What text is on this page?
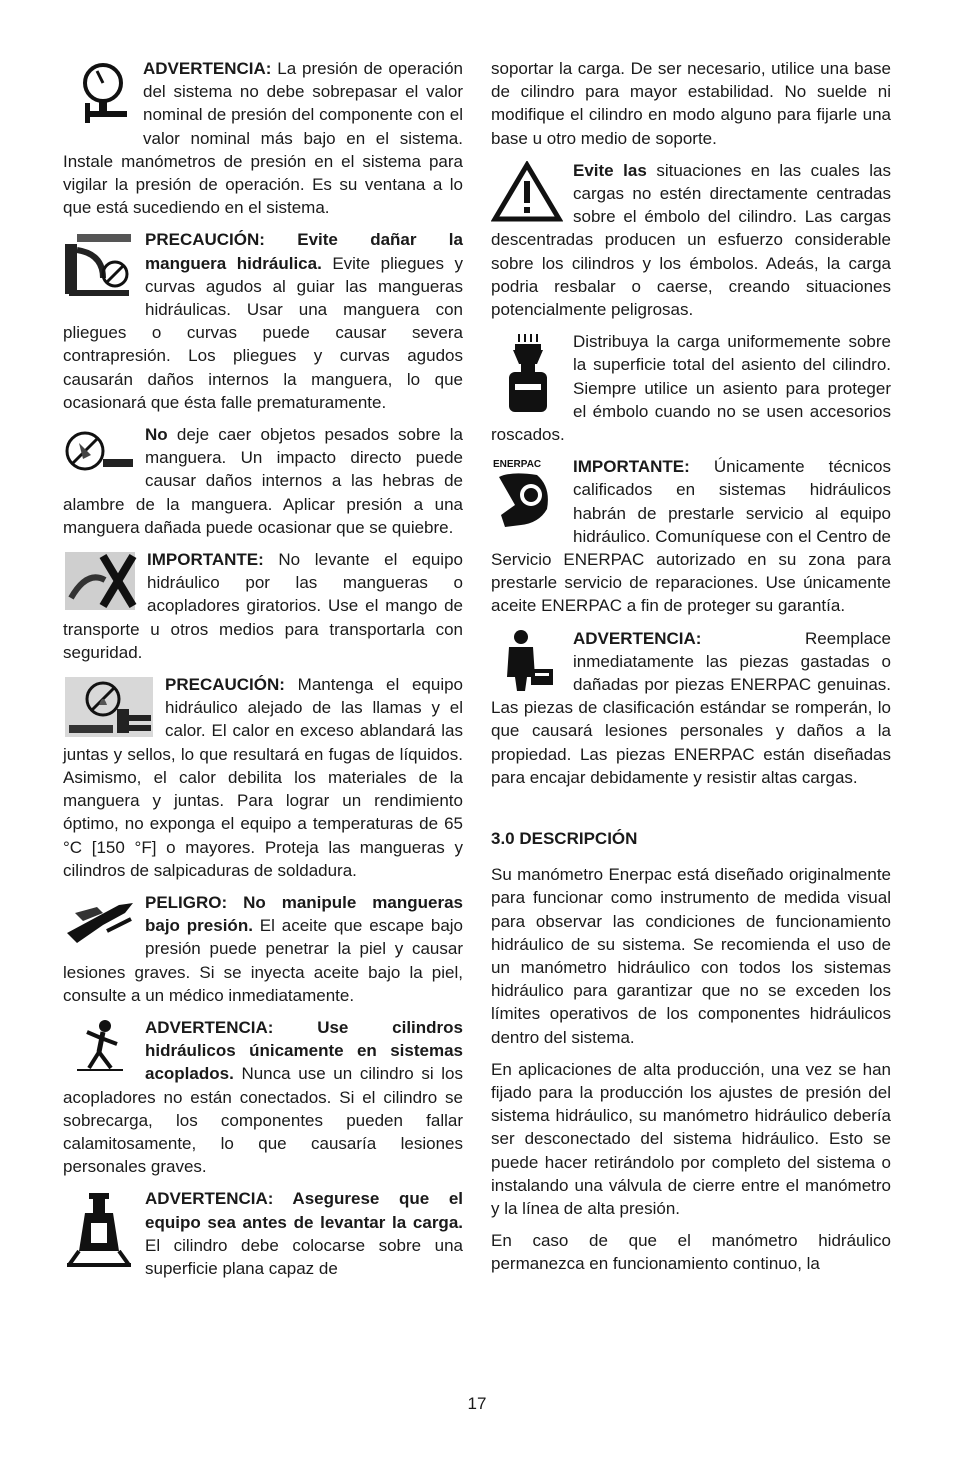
ADVERTENCIA: La presión de operación del sistema no debe sobrepasar el valor nominal de presión del componente con el valor nominal más bajo en el sistema. Instale manómetros de presión en el sistema para vigilar la presión de operación. Es su ventana a lo que está sucediendo en el sistema.

PRECAUCIÓN: Evite dañar la manguera hidráulica. Evite pliegues y curvas agudos al guiar las mangueras hidráulicas. Usar una manguera con pliegues o curvas puede causar severa contrapresión. Los pliegues y curvas agudos causarán daños internos la manguera, lo que ocasionará que ésta falle prematuramente.

No deje caer objetos pesados sobre la manguera. Un impacto directo puede causar daños internos a las hebras de alambre de la manguera. Aplicar presión a una manguera dañada puede ocasionar que se quiebre.

IMPORTANTE: No levante el equipo hidráulico por las mangueras o acopladores giratorios. Use el mango de transporte u otros medios para transportarla con seguridad.

PRECAUCIÓN: Mantenga el equipo hidráulico alejado de las llamas y el calor. El calor en exceso ablandará las juntas y sellos, lo que resultará en fugas de líquidos. Asimismo, el calor debilita los materiales de la manguera y juntas. Para lograr un rendimiento óptimo, no exponga el equipo a temperaturas de 65 °C [150 °F] o mayores. Proteja las mangueras y cilindros de salpicaduras de soldadura.

PELIGRO: No manipule mangueras bajo presión. El aceite que escape bajo presión puede penetrar la piel y causar lesiones graves. Si se inyecta aceite bajo la piel, consulte a un médico inmediatamente.

ADVERTENCIA: Use cilindros hidráulicos únicamente en sistemas acoplados. Nunca use un cilindro si los acopladores no están conectados. Si el cilindro se sobrecarga, los componentes pueden fallar calamitosamente, lo que causaría lesiones personales graves.

ADVERTENCIA: Asegurese que el equipo sea antes de levantar la carga. El cilindro debe colocarse sobre una superficie plana capaz de

soportar la carga. De ser necesario, utilice una base de cilindro para mayor estabilidad. No suelde ni modifique el cilindro en modo alguno para fijarle una base u otro medio de soporte.

Evite las situaciones en las cuales las cargas no estén directamente centradas sobre el émbolo del cilindro. Las cargas descentradas producen un esfuerzo considerable sobre los cilindros y los émbolos. Adeás, la carga podria resbalar o caerse, creando situaciones potencialmente peligrosas.

Distribuya la carga uniformemente sobre la superficie total del asiento del cilindro. Siempre utilice un asiento para proteger el émbolo cuando no se usen accesorios roscados.

ENERPAC IMPORTANTE: Únicamente técnicos calificados en sistemas hidráulicos habrán de prestarle servicio al equipo hidráulico. Comuníquese con el Centro de Servicio ENERPAC autorizado en su zona para prestarle servicio de reparaciones. Use únicamente aceite ENERPAC a fin de proteger su garantía.

ADVERTENCIA: Reemplace inmediatamente las piezas gastadas o dañadas por piezas ENERPAC genuinas. Las piezas de clasificación estándar se romperán, lo que causará lesiones personales y daños a la propiedad. Las piezas ENERPAC están diseñadas para encajar debidamente y resistir altas cargas.

3.0 DESCRIPCIÓN

Su manómetro Enerpac está diseñado originalmente para funcionar como instrumento de medida visual para observar las condiciones de funcionamiento hidráulico de su sistema. Se recomienda el uso de un manómetro hidráulico con todos los sistemas hidráulico para garantizar que no se exceden los límites operativos de los componentes hidráulicos dentro del sistema.

En aplicaciones de alta producción, una vez se han fijado para la producción los ajustes de presión del sistema hidráulico, su manómetro hidráulico debería ser desconectado del sistema hidráulico. Esto se puede hacer retirándolo por completo del sistema o instalando una válvula de cierre entre el manómetro y la línea de alta presión.

En caso de que el manómetro hidráulico permanezca en funcionamiento continuo, la

17
